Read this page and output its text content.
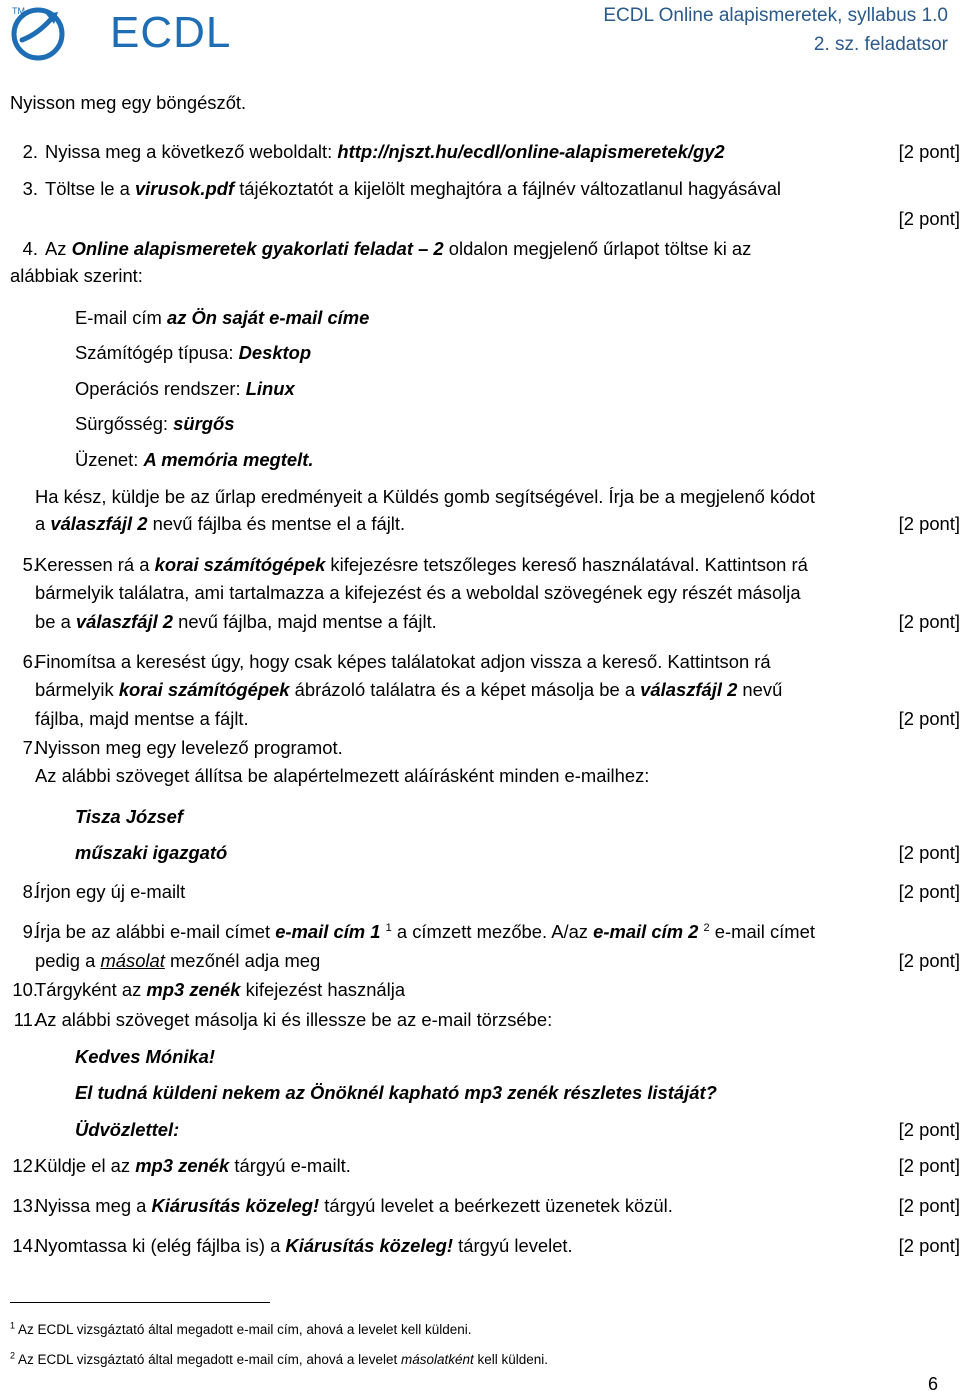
TM ECDL	ECDL Online alapismeretek, syllabus 1.0
2. sz. feladatsor
Nyisson meg egy böngészőt.
2. Nyissa meg a következő weboldalt: http://njszt.hu/ecdl/online-alapismeretek/gy2	[2 pont]
3. Töltse le a virusok.pdf tájékoztatót a kijelölt meghajtóra a fájlnév változatlanul hagyásával
[2 pont]
4. Az Online alapismeretek gyakorlati feladat – 2 oldalon megjelenő űrlapot töltse ki az
alábbiak szerint:
E-mail cím az Ön saját e-mail címe
Számítógép típusa: Desktop
Operációs rendszer: Linux
Sürgősség: sürgős
Üzenet: A memória megtelt.
Ha kész, küldje be az űrlap eredményeit a Küldés gomb segítségével. Írja be a megjelenő kódot
a válaszfájl 2 nevű fájlba és mentse el a fájlt.	[2 pont]
5.
Keressen rá a korai számítógépek kifejezésre tetszőleges kereső használatával. Kattintson rá
bármelyik találatra, ami tartalmazza a kifejezést és a weboldal szövegének egy részét másolja
be a válaszfájl 2 nevű fájlba, majd mentse a fájlt.	[2 pont]
6.
Finomítsa a keresést úgy, hogy csak képes találatokat adjon vissza a kereső. Kattintson rá
bármelyik korai számítógépek ábrázoló találatra és a képet másolja be a válaszfájl 2 nevű
fájlba, majd mentse a fájlt.	[2 pont]
7.
Nyisson meg egy levelező programot.
Az alábbi szöveget állítsa be alapértelmezett aláírásként minden e-mailhez:
Tisza József
műszaki igazgató	[2 pont]
8.
Írjon egy új e-mailt	[2 pont]
9.
Írja be az alábbi e-mail címet e-mail cím 1 $^1$ a címzett mezőbe. A/az e-mail cím 2 $^2$ e-mail címet
pedig a másolat mezőnél adja meg	[2 pont]
10.
Tárgyként az mp3 zenék kifejezést használja
11.
Az alábbi szöveget másolja ki és illessze be az e-mail törzsébe:
Kedves Mónika!
El tudná küldeni nekem az Önöknél kapható mp3 zenék részletes listáját?
Üdvözlettel:	[2 pont]
12.
Küldje el az mp3 zenék tárgyú e-mailt.	[2 pont]
13.
Nyissa meg a Kiárusítás közeleg! tárgyú levelet a beérkezett üzenetek közül.	[2 pont]
14.
Nyomtassa ki (elég fájlba is) a Kiárusítás közeleg! tárgyú levelet.	[2 pont]
$^1$ Az ECDL vizsgáztató által megadott e-mail cím, ahová a levelet kell küldeni.
$^2$ Az ECDL vizsgáztató által megadott e-mail cím, ahová a levelet másolatként kell küldeni.
6
